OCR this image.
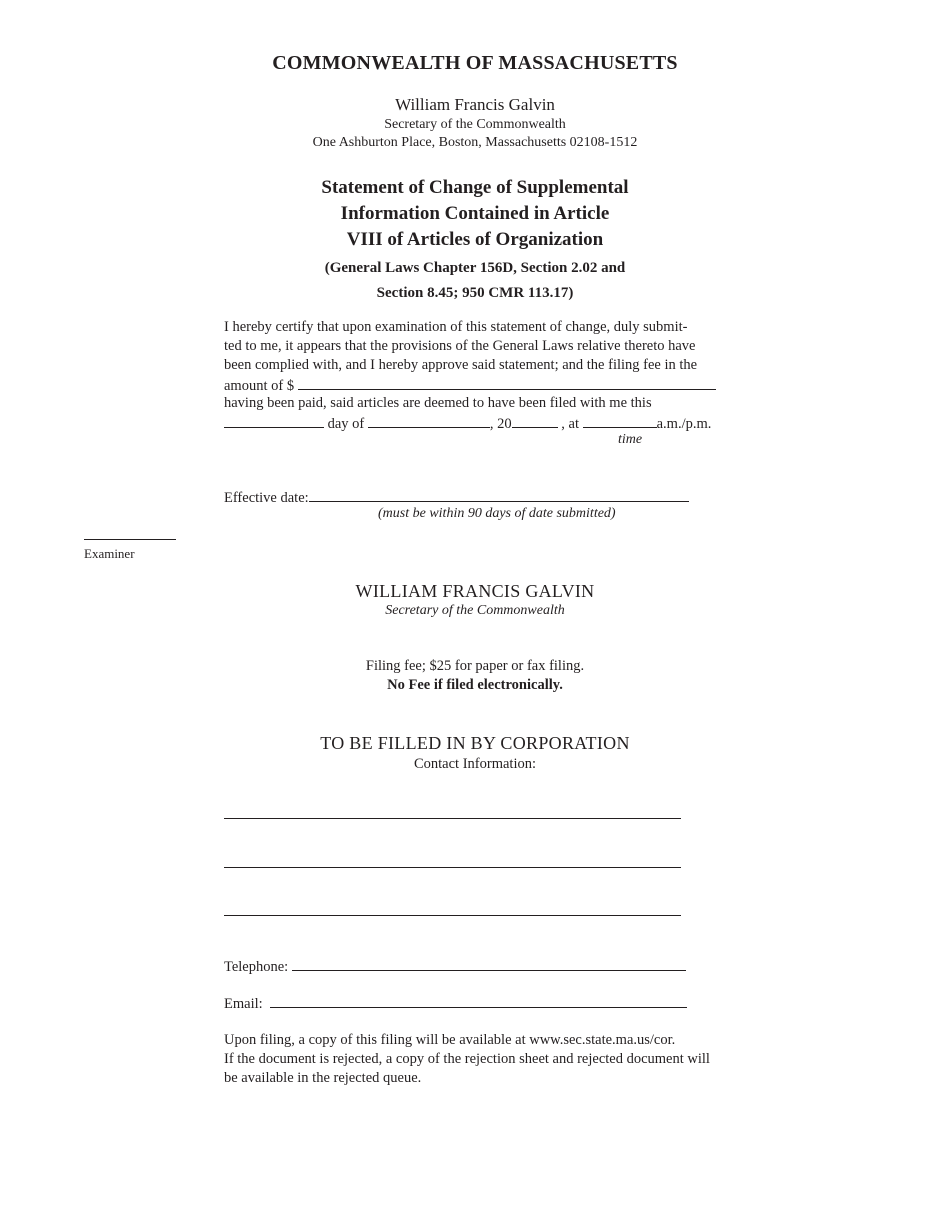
COMMONWEALTH OF MASSACHUSETTS
William Francis Galvin
Secretary of the Commonwealth
One Ashburton Place, Boston, Massachusetts 02108-1512
Statement of Change of Supplemental
Information Contained in Article
VIII of Articles of Organization
(General Laws Chapter 156D, Section 2.02 and
Section 8.45; 950 CMR 113.17)
I hereby certify that upon examination of this statement of change, duly submit-
ted to me, it appears that the provisions of the General Laws relative thereto have
been complied with, and I hereby approve said statement; and the filing fee in the
amount of $
having been paid, said articles are deemed to have been filed with me this
day of	, 20	, at	a.m./p.m.
time
Effective date:
(must be within 90 days of date submitted)
Examiner
WILLIAM FRANCIS GALVIN
Secretary of the Commonwealth
Filing fee; $25 for paper or fax filing.
No Fee if filed electronically.
TO BE FILLED IN BY CORPORATION
Contact Information:
Telephone:
Email:
Upon filing, a copy of this filing will be available at www.sec.state.ma.us/cor.
If the document is rejected, a copy of the rejection sheet and rejected document will
be available in the rejected queue.
